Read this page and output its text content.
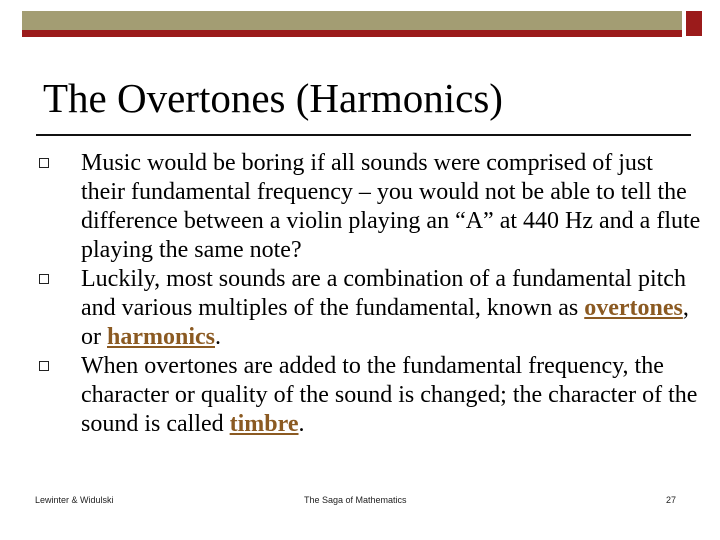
The Overtones (Harmonics)
Music would be boring if all sounds were comprised of just their fundamental frequency – you would not be able to tell the difference between a violin playing an “A” at 440 Hz and a flute playing the same note?
Luckily, most sounds are a combination of a fundamental pitch and various multiples of the fundamental, known as overtones, or harmonics.
When overtones are added to the fundamental frequency, the character or quality of the sound is changed; the character of the sound is called timbre.
Lewinter & Widulski	The Saga of Mathematics	27
